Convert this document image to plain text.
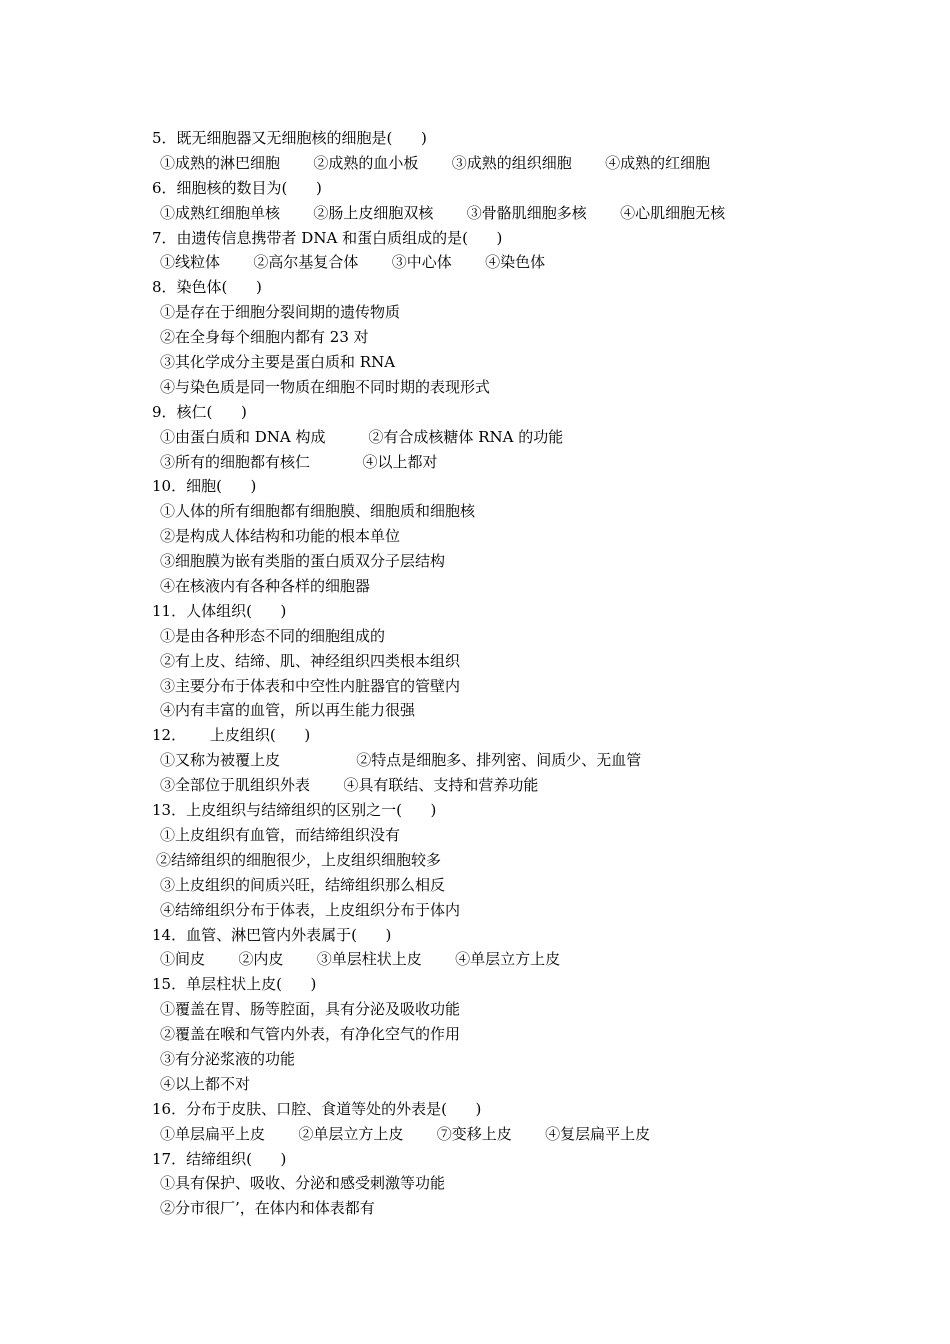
5．既无细胞器又无细胞核的细胞是(      )
①成熟的淋巴细胞       ②成熟的血小板       ③成熟的组织细胞       ④成熟的红细胞
6．细胞核的数目为(      )
①成熟红细胞单核       ②肠上皮细胞双核       ③骨骼肌细胞多核       ④心肌细胞无核
7．由遗传信息携带者 DNA 和蛋白质组成的是(      )
①线粒体       ②高尔基复合体       ③中心体       ④染色体
8．染色体(      )
①是存在于细胞分裂间期的遗传物质
②在全身每个细胞内都有 23 对
③其化学成分主要是蛋白质和 RNA
④与染色质是同一物质在细胞不同时期的表现形式
9．核仁(      )
①由蛋白质和 DNA 构成         ②有合成核糖体 RNA 的功能
③所有的细胞都有核仁           ④以上都对
10．细胞(      )
①人体的所有细胞都有细胞膜、细胞质和细胞核
②是构成人体结构和功能的根本单位
③细胞膜为嵌有类脂的蛋白质双分子层结构
④在核液内有各种各样的细胞器
11．人体组织(      )
①是由各种形态不同的细胞组成的
②有上皮、结缔、肌、神经组织四类根本组织
③主要分布于体表和中空性内脏器官的管壁内
④内有丰富的血管，所以再生能力很强
12．     上皮组织(      )
①又称为被覆上皮                ②特点是细胞多、排列密、间质少、无血管
③全部位于肌组织外表       ④具有联结、支持和营养功能
13．上皮组织与结缔组织的区别之一(      )
①上皮组织有血管，而结缔组织没有
②结缔组织的细胞很少，上皮组织细胞较多
③上皮组织的间质兴旺，结缔组织那么相反
④结缔组织分布于体表，上皮组织分布于体内
14．血管、淋巴管内外表属于(      )
①间皮       ②内皮       ③单层柱状上皮       ④单层立方上皮
15．单层柱状上皮(      )
①覆盖在胃、肠等腔面，具有分泌及吸收功能
②覆盖在喉和气管内外表，有净化空气的作用
③有分泌浆液的功能
④以上都不对
16．分布于皮肤、口腔、食道等处的外表是(      )
①单层扁平上皮       ②单层立方上皮       ⑦变移上皮       ④复层扁平上皮
17．结缔组织(      )
①具有保护、吸收、分泌和感受刺激等功能
②分市很厂’，在体内和体表都有
